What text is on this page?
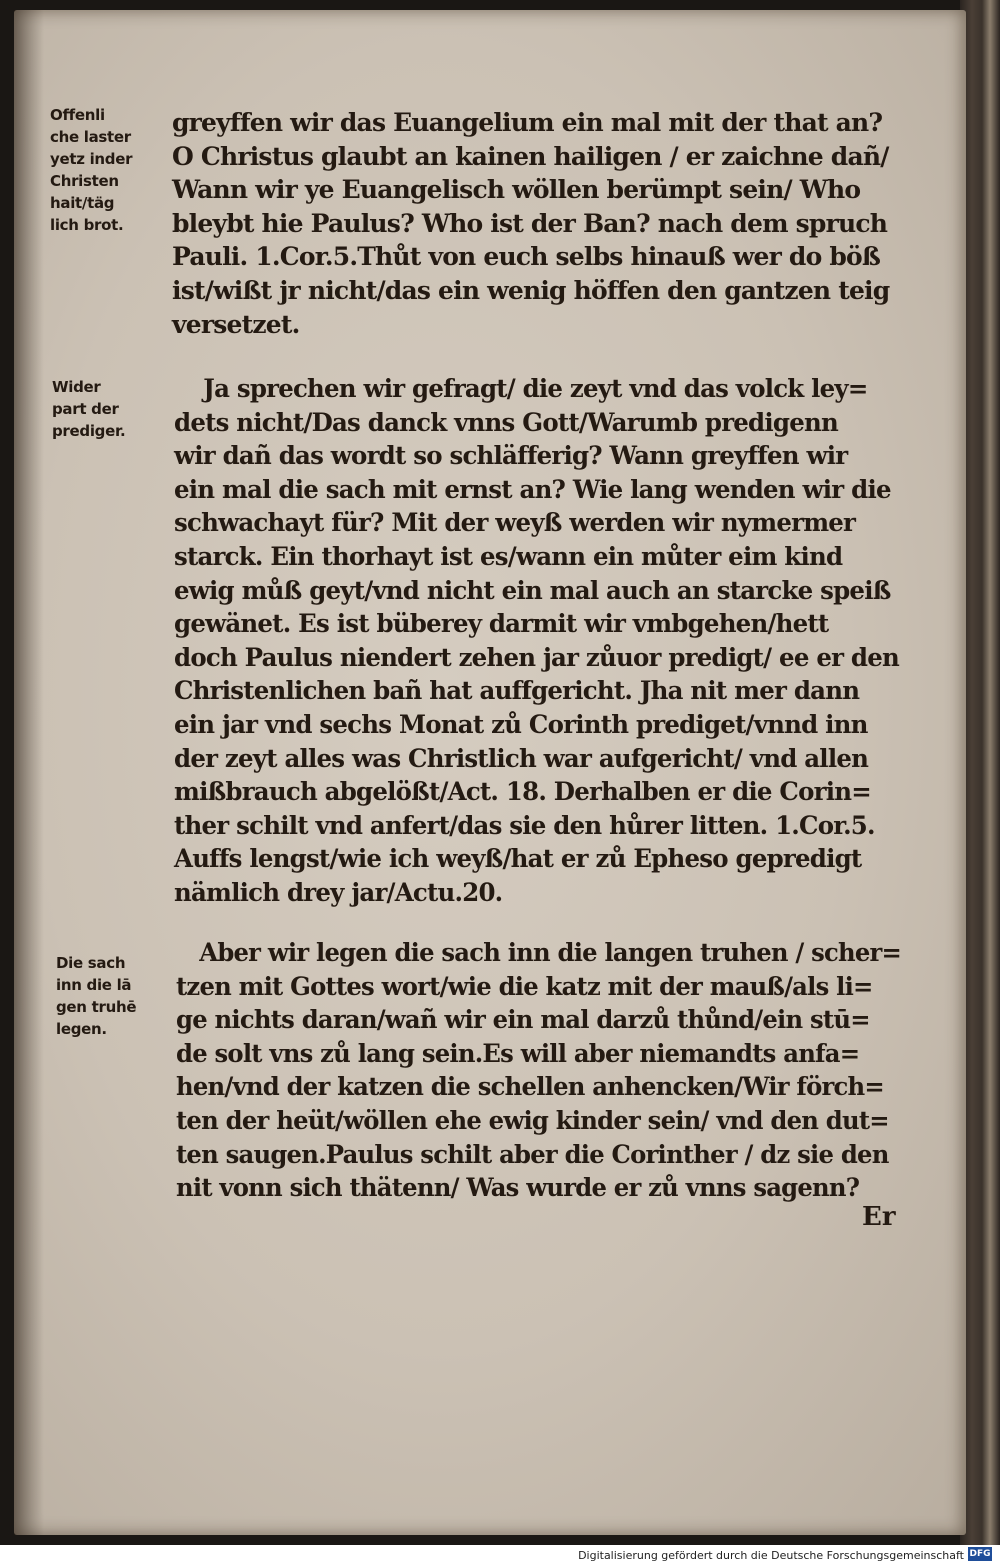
Offenli
che laster
yetz inder
Christen
hait/täg
lich brot.
Wider
part der
prediger.
Die sach
inn die lā
gen truhē
legen.
greyffen wir das Euangelium ein mal mit der that an?
O Christus glaubt an kainen hailigen / er zaichne dañ/
Wann wir ye Euangelisch wöllen berümpt sein/ Who
bleybt hie Paulus? Who ist der Ban? nach dem spruch
Pauli. 1.Cor.5.Thůt von euch selbs hinauß wer do böß
ist/wißt jr nicht/das ein wenig höffen den gantzen teig
versetzet.
Ja sprechen wir gefragt/ die zeyt vnd das volck ley=
dets nicht/Das danck vnns Gott/Warumb predigenn
wir dañ das wordt so schläfferig? Wann greyffen wir
ein mal die sach mit ernst an? Wie lang wenden wir die
schwachayt für? Mit der weyß werden wir nymermer
starck. Ein thorhayt ist es/wann ein můter eim kind
ewig můß geyt/vnd nicht ein mal auch an starcke speiß
gewänet. Es ist büberey darmit wir vmbgehen/hett
doch Paulus niendert zehen jar zůuor predigt/ ee er den
Christenlichen bañ hat auffgericht. Jha nit mer dann
ein jar vnd sechs Monat zů Corinth prediget/vnnd inn
der zeyt alles was Christlich war aufgericht/ vnd allen
mißbrauch abgelößt/Act. 18. Derhalben er die Corin=
ther schilt vnd anfert/das sie den hůrer litten. 1.Cor.5.
Auffs lengst/wie ich weyß/hat er zů Epheso gepredigt
nämlich drey jar/Actu.20.
Aber wir legen die sach inn die langen truhen / scher=
tzen mit Gottes wort/wie die katz mit der mauß/als li=
ge nichts daran/wañ wir ein mal darzů thůnd/ein stū=
de solt vns zů lang sein.Es will aber niemandts anfa=
hen/vnd der katzen die schellen anhencken/Wir förch=
ten der heüt/wöllen ehe ewig kinder sein/ vnd den dut=
ten saugen.Paulus schilt aber die Corinther / dz sie den
nit vonn sich thätenn/ Was wurde er zů vnns sagenn?
Er
Digitalisierung gefördert durch die Deutsche Forschungsgemeinschaft DFG
